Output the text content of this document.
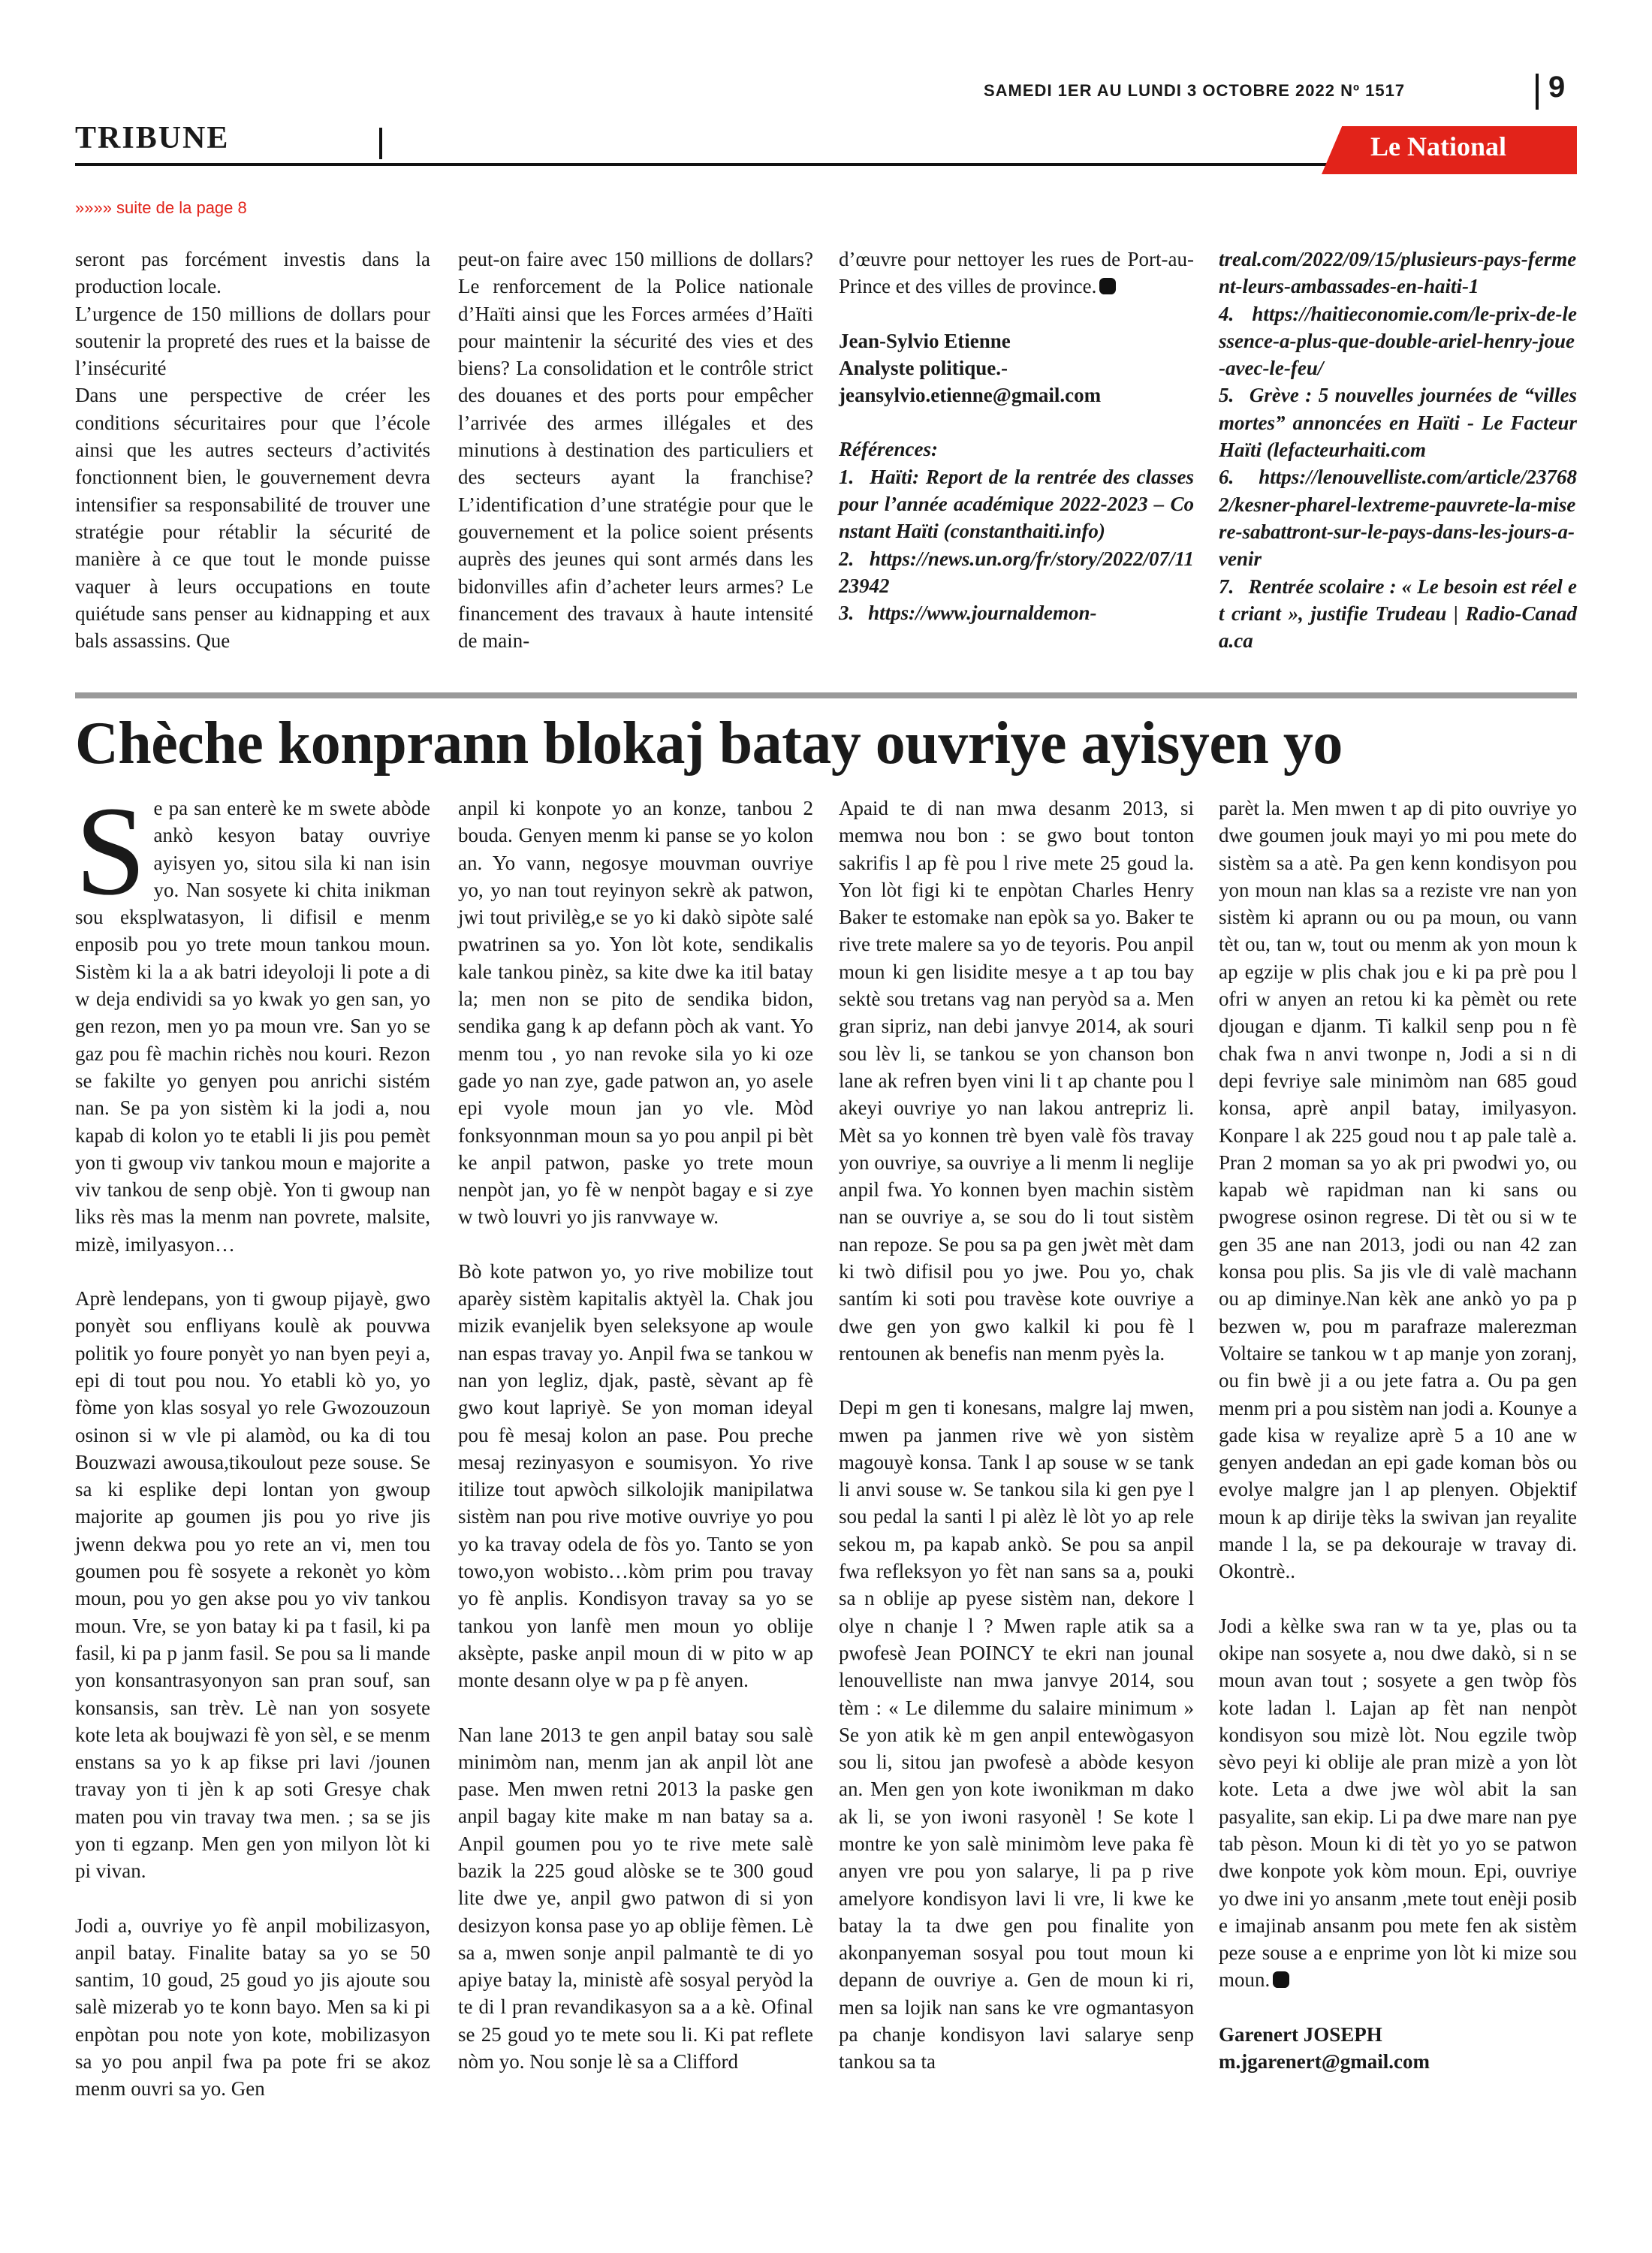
SAMEDI 1ER AU LUNDI 3 OCTOBRE 2022 Nº 1517	9
TRIBUNE	Le National
»»»» suite de la page 8

seront pas forcément investis dans la production locale.

L’urgence de 150 millions de dollars pour soutenir la propreté des rues et la baisse de l’insécurité

Dans une perspective de créer les conditions sécuritaires pour que l’école ainsi que les autres secteurs d’activités fonctionnent bien, le gouvernement devra intensifier sa responsabilité de trouver une stratégie pour rétablir la sécurité de manière à ce que tout le monde puisse vaquer à leurs occupations en toute quiétude sans penser au kidnapping et aux bals assassins. Que

peut-on faire avec 150 millions de dollars? Le renforcement de la Police nationale d’Haïti ainsi que les Forces armées d’Haïti pour maintenir la sécurité des vies et des biens? La consolidation et le contrôle strict des douanes et des ports pour empêcher l’arrivée des armes illégales et des minutions à destination des particuliers et des secteurs ayant la franchise? L’identification d’une stratégie pour que le gouvernement et la police soient présents auprès des jeunes qui sont armés dans les bidonvilles afin d’acheter leurs armes? Le financement des travaux à haute intensité de main-

d’œuvre pour nettoyer les rues de Port-au-Prince et des villes de province.

Jean-Sylvio Etienne

Analyste politique.-

jeansylvio.etienne@gmail.com

Références:

1. Haïti: Report de la rentrée des classes pour l’année académique 2022-2023 – Constant Haïti (constanthaiti.info)

2. https://news.un.org/fr/story/2022/07/1123942

3. https://www.journaldemon-

treal.com/2022/09/15/plusieurs-pays-ferment-leurs-ambassades-en-haiti-1

4. https://haitieconomie.com/le-prix-de-lessence-a-plus-que-double-ariel-henry-joue-avec-le-feu/

5. Grève : 5 nouvelles journées de “villes mortes” annoncées en Haïti - Le Facteur Haïti (lefacteurhaiti.com

6. https://lenouvelliste.com/article/237682/kesner-pharel-lextreme-pauvrete-la-misere-sabattront-sur-le-pays-dans-les-jours-a-venir

7. Rentrée scolaire : « Le besoin est réel et criant », justifie Trudeau | Radio-Canada.ca

Chèche konprann blokaj batay ouvriye ayisyen yo

Se pa san enterè ke m swete abòde ankò kesyon batay ouvriye ayisyen yo, sitou sila ki nan isin yo. Nan sosyete ki chita inikman sou eksplwatasyon, li difisil e menm enposib pou yo trete moun tankou moun. Sistèm ki la a ak batri ideyoloji li pote a di w deja endividi sa yo kwak yo gen san, yo gen rezon, men yo pa moun vre. San yo se gaz pou fè machin richès nou kouri. Rezon se fakilte yo genyen pou anrichi sistém nan. Se pa yon sistèm ki la jodi a, nou kapab di kolon yo te etabli li jis pou pemèt yon ti gwoup viv tankou moun e majorite a viv tankou de senp objè. Yon ti gwoup nan liks rès mas la menm nan povrete, malsite, mizè, imilyasyon…

Aprè lendepans, yon ti gwoup pijayè, gwo ponyèt sou enfliyans koulè ak pouvwa politik yo foure ponyèt yo nan byen peyi a, epi di tout pou nou. Yo etabli kò yo, yo fòme yon klas sosyal yo rele Gwozouzoun osinon si w vle pi alamòd, ou ka di tou Bouzwazi awousa,tikoulout peze souse. Se sa ki esplike depi lontan yon gwoup majorite ap goumen jis pou yo rive jis jwenn dekwa pou yo rete an vi, men tou goumen pou fè sosyete a rekonèt yo kòm moun, pou yo gen akse pou yo viv tankou moun. Vre, se yon batay ki pa t fasil, ki pa fasil, ki pa p janm fasil. Se pou sa li mande yon konsantrasyonyon san pran souf, san konsansis, san trèv. Lè nan yon sosyete kote leta ak boujwazi fè yon sèl, e se menm enstans sa yo k ap fikse pri lavi /jounen travay yon ti jèn k ap soti Gresye chak maten pou vin travay twa men. ; sa se jis yon ti egzanp. Men gen yon milyon lòt ki pi vivan.

Jodi a, ouvriye yo fè anpil mobilizasyon, anpil batay. Finalite batay sa yo se 50 santim, 10 goud, 25 goud yo jis ajoute sou salè mizerab yo te konn bayo. Men sa ki pi enpòtan pou note yon kote, mobilizasyon sa yo pou anpil fwa pa pote fri se akoz menm ouvri sa yo. Gen

anpil ki konpote yo an konze, tanbou 2 bouda. Genyen menm ki panse se yo kolon an. Yo vann, negosye mouvman ouvriye yo, yo nan tout reyinyon sekrè ak patwon, jwi tout privilèg,e se yo ki dakò sipòte salé pwatrinen sa yo. Yon lòt kote, sendikalis kale tankou pinèz, sa kite dwe ka itil batay la; men non se pito de sendika bidon, sendika gang k ap defann pòch ak vant. Yo menm tou , yo nan revoke sila yo ki oze gade yo nan zye, gade patwon an, yo asele epi vyole moun jan yo vle. Mòd fonksyonnman moun sa yo pou anpil pi bèt ke anpil patwon, paske yo trete moun nenpòt jan, yo fè w nenpòt bagay e si zye w twò louvri yo jis ranvwaye w.

Bò kote patwon yo, yo rive mobilize tout aparèy sistèm kapitalis aktyèl la. Chak jou mizik evanjelik byen seleksyone ap woule nan espas travay yo. Anpil fwa se tankou w nan yon legliz, djak, pastè, sèvant ap fè gwo kout lapriyè. Se yon moman ideyal pou fè mesaj kolon an pase. Pou preche mesaj rezinyasyon e soumisyon. Yo rive itilize tout apwòch silkolojik manipilatwa sistèm nan pou rive motive ouvriye yo pou yo ka travay odela de fòs yo. Tanto se yon towo,yon wobisto…kòm prim pou travay yo fè anplis. Kondisyon travay sa yo se tankou yon lanfè men moun yo oblije aksèpte, paske anpil moun di w pito w ap monte desann olye w pa p fè anyen.

Nan lane 2013 te gen anpil batay sou salè minimòm nan, menm jan ak anpil lòt ane pase. Men mwen retni 2013 la paske gen anpil bagay kite make m nan batay sa a. Anpil goumen pou yo te rive mete salè bazik la 225 goud alòske se te 300 goud lite dwe ye, anpil gwo patwon di si yon desizyon konsa pase yo ap oblije fèmen. Lè sa a, mwen sonje anpil palmantè te di yo apiye batay la, ministè afè sosyal peryòd la te di l pran revandikasyon sa a a kè. Ofinal se 25 goud yo te mete sou li. Ki pat reflete nòm yo. Nou sonje lè sa a Clifford

Apaid te di nan mwa desanm 2013, si memwa nou bon : se gwo bout tonton sakrifis l ap fè pou l rive mete 25 goud la. Yon lòt figi ki te enpòtan Charles Henry Baker te estomake nan epòk sa yo. Baker te rive trete malere sa yo de teyoris. Pou anpil moun ki gen lisidite mesye a t ap tou bay sektè sou tretans vag nan peryòd sa a. Men gran sipriz, nan debi janvye 2014, ak souri sou lèv li, se tankou se yon chanson bon lane ak refren byen vini li t ap chante pou l akeyi ouvriye yo nan lakou antrepriz li. Mèt sa yo konnen trè byen valè fòs travay yon ouvriye, sa ouvriye a li menm li neglije anpil fwa. Yo konnen byen machin sistèm nan se ouvriye a, se sou do li tout sistèm nan repoze. Se pou sa pa gen jwèt mèt dam ki twò difisil pou yo jwe. Pou yo, chak santím ki soti pou travèse kote ouvriye a dwe gen yon gwo kalkil ki pou fè l rentounen ak benefis nan menm pyès la.

Depi m gen ti konesans, malgre laj mwen, mwen pa janmen rive wè yon sistèm magouyè konsa. Tank l ap souse w se tank li anvi souse w. Se tankou sila ki gen pye l sou pedal la santi l pi alèz lè lòt yo ap rele sekou m, pa kapab ankò. Se pou sa anpil fwa refleksyon yo fèt nan sans sa a, pouki sa n oblije ap pyese sistèm nan, dekore l olye n chanje l ? Mwen raple atik sa a pwofesè Jean POINCY te ekri nan jounal lenouvelliste nan mwa janvye 2014, sou tèm : « Le dilemme du salaire minimum » Se yon atik kè m gen anpil entewògasyon sou li, sitou jan pwofesè a abòde kesyon an. Men gen yon kote iwonikman m dako ak li, se yon iwoni rasyonèl ! Se kote l montre ke yon salè minimòm leve paka fè anyen vre pou yon salarye, li pa p rive amelyore kondisyon lavi li vre, li kwe ke batay la ta dwe gen pou finalite yon akonpanyeman sosyal pou tout moun ki depann de ouvriye a. Gen de moun ki ri, men sa lojik nan sans ke vre ogmantasyon pa chanje kondisyon lavi salarye senp tankou sa ta

parèt la. Men mwen t ap di pito ouvriye yo dwe goumen jouk mayi yo mi pou mete do sistèm sa a atè. Pa gen kenn kondisyon pou yon moun nan klas sa a reziste vre nan yon sistèm ki aprann ou ou pa moun, ou vann tèt ou, tan w, tout ou menm ak yon moun k ap egzije w plis chak jou e ki pa prè pou l ofri w anyen an retou ki ka pèmèt ou rete djougan e djanm. Ti kalkil senp pou n fè chak fwa n anvi twonpe n, Jodi a si n di depi fevriye sale minimòm nan 685 goud konsa, aprè anpil batay, imilyasyon. Konpare l ak 225 goud nou t ap pale talè a. Pran 2 moman sa yo ak pri pwodwi yo, ou kapab wè rapidman nan ki sans ou pwogrese osinon regrese. Di tèt ou si w te gen 35 ane nan 2013, jodi ou nan 42 zan konsa pou plis. Sa jis vle di valè machann ou ap diminye.Nan kèk ane ankò yo pa p bezwen w, pou m parafraze malerezman Voltaire se tankou w t ap manje yon zoranj, ou fin bwè ji a ou jete fatra a. Ou pa gen menm pri a pou sistèm nan jodi a. Kounye a gade kisa w reyalize aprè 5 a 10 ane w genyen andedan an epi gade koman bòs ou evolye malgre jan l ap plenyen. Objektif moun k ap dirije tèks la swivan jan reyalite mande l la, se pa dekouraje w travay di. Okontrè..

Jodi a kèlke swa ran w ta ye, plas ou ta okipe nan sosyete a, nou dwe dakò, si n se moun avan tout ; sosyete a gen twòp fòs kote ladan l. Lajan ap fèt nan nenpòt kondisyon sou mizè lòt. Nou egzile twòp sèvo peyi ki oblije ale pran mizè a yon lòt kote. Leta a dwe jwe wòl abit la san pasyalite, san ekip. Li pa dwe mare nan pye tab pèson. Moun ki di tèt yo yo se patwon dwe konpote yok kòm moun. Epi, ouvriye yo dwe ini yo ansanm ,mete tout enèji posib e imajinab ansanm pou mete fen ak sistèm peze souse a e enprime yon lòt ki mize sou moun.

Garenert JOSEPH

m.jgarenert@gmail.com
